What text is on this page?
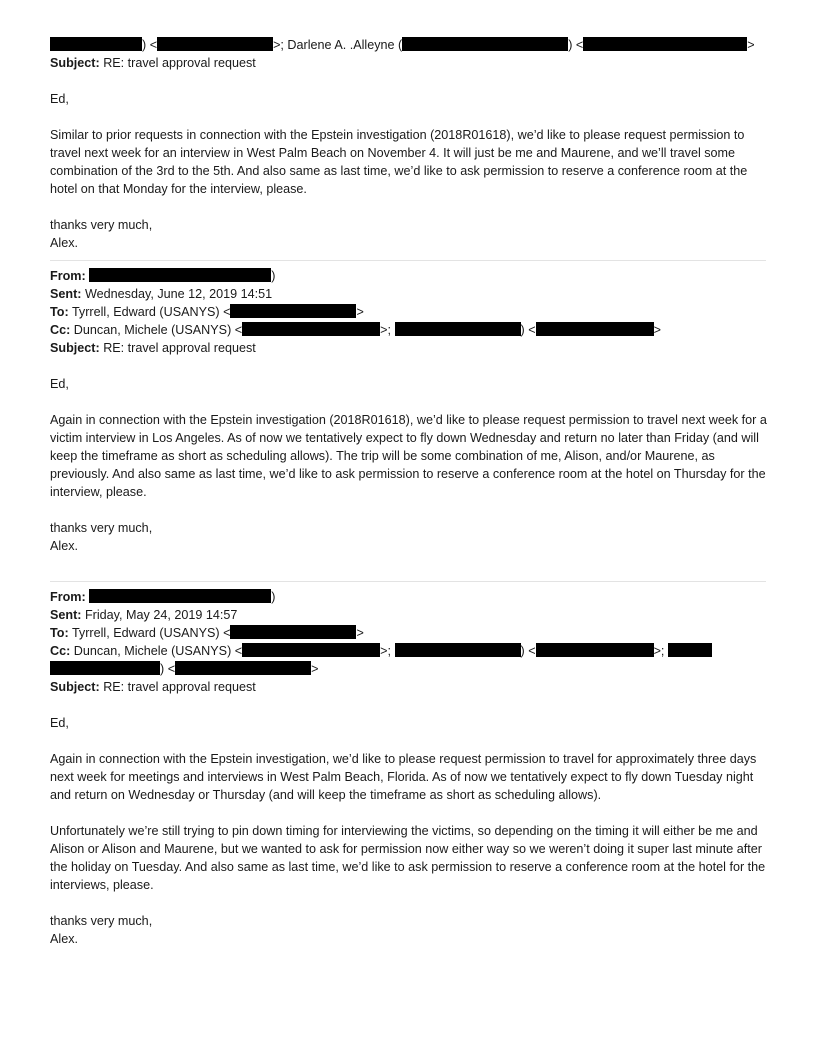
) <	>; Darlene A. .Alleyne (	) <	>
Subject: RE: travel approval request
Ed,

Similar to prior requests in connection with the Epstein investigation (2018R01618), we’d like to please request permission to travel next week for an interview in West Palm Beach on November 4. It will just be me and Maurene, and we’ll travel some combination of the 3rd to the 5th. And also same as last time, we’d like to ask permission to reserve a conference room at the hotel on that Monday for the interview, please.

thanks very much,
Alex.
From:	)
Sent: Wednesday, June 12, 2019 14:51
To: Tyrrell, Edward (USANYS) <	>
Cc: Duncan, Michele (USANYS) <	>;	) <	>
Subject: RE: travel approval request
Ed,

Again in connection with the Epstein investigation (2018R01618), we’d like to please request permission to travel next week for a victim interview in Los Angeles. As of now we tentatively expect to fly down Wednesday and return no later than Friday (and will keep the timeframe as short as scheduling allows). The trip will be some combination of me, Alison, and/or Maurene, as previously. And also same as last time, we’d like to ask permission to reserve a conference room at the hotel on Thursday for the interview, please.

thanks very much,
Alex.
From:	)
Sent: Friday, May 24, 2019 14:57
To: Tyrrell, Edward (USANYS) <	>
Cc: Duncan, Michele (USANYS) <	>;	) <	>;
) <	>
Subject: RE: travel approval request
Ed,

Again in connection with the Epstein investigation, we’d like to please request permission to travel for approximately three days next week for meetings and interviews in West Palm Beach, Florida. As of now we tentatively expect to fly down Tuesday night and return on Wednesday or Thursday (and will keep the timeframe as short as scheduling allows).

Unfortunately we’re still trying to pin down timing for interviewing the victims, so depending on the timing it will either be me and Alison or Alison and Maurene, but we wanted to ask for permission now either way so we weren’t doing it super last minute after the holiday on Tuesday. And also same as last time, we’d like to ask permission to reserve a conference room at the hotel for the interviews, please.

thanks very much,
Alex.
